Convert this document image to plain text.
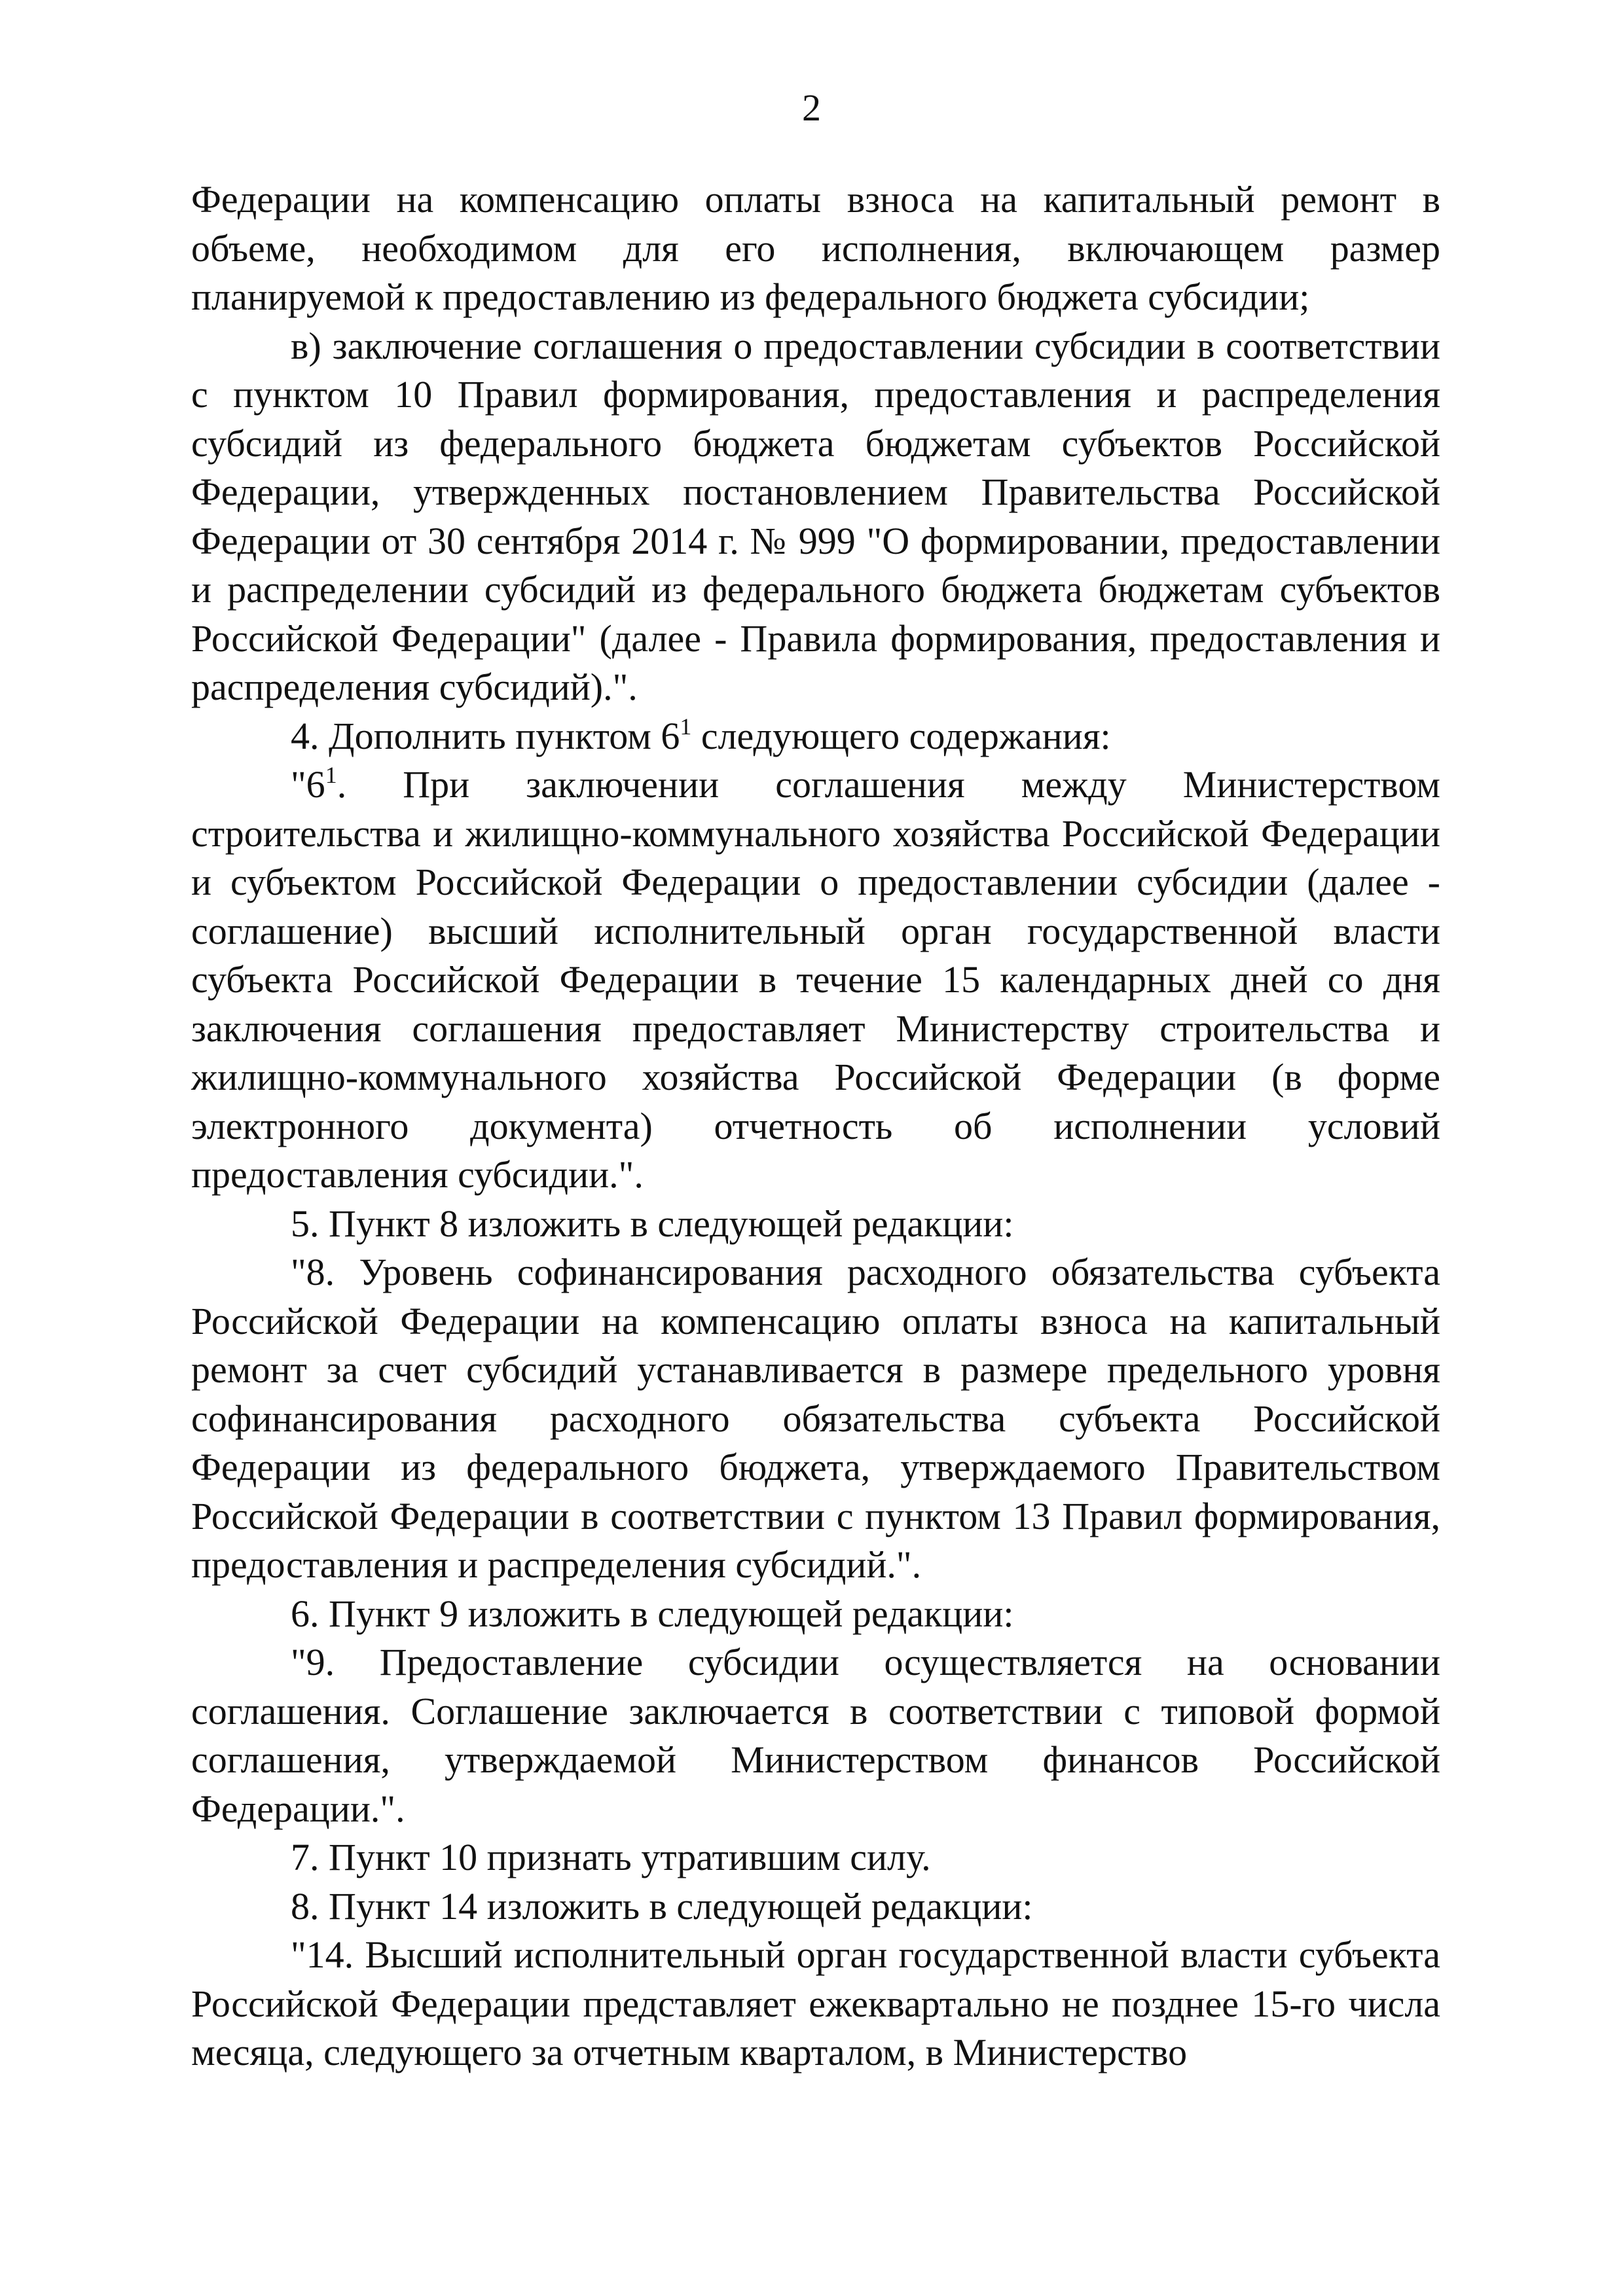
2

Федерации на компенсацию оплаты взноса на капитальный ремонт в объеме, необходимом для его исполнения, включающем размер планируемой к предоставлению из федерального бюджета субсидии;

в) заключение соглашения о предоставлении субсидии в соответствии с пунктом 10 Правил формирования, предоставления и распределения субсидий из федерального бюджета бюджетам субъектов Российской Федерации, утвержденных постановлением Правительства Российской Федерации от 30 сентября 2014 г. № 999 "О формировании, предоставлении и распределении субсидий из федерального бюджета бюджетам субъектов Российской Федерации" (далее - Правила формирования, предоставления и распределения субсидий).".

4. Дополнить пунктом $6^1$ следующего содержания:

"$6^1$. При заключении соглашения между Министерством строительства и жилищно-коммунального хозяйства Российской Федерации и субъектом Российской Федерации о предоставлении субсидии (далее - соглашение) высший исполнительный орган государственной власти субъекта Российской Федерации в течение 15 календарных дней со дня заключения соглашения предоставляет Министерству строительства и жилищно-коммунального хозяйства Российской Федерации (в форме электронного документа) отчетность об исполнении условий предоставления субсидии.".

5. Пункт 8 изложить в следующей редакции:

"8. Уровень софинансирования расходного обязательства субъекта Российской Федерации на компенсацию оплаты взноса на капитальный ремонт за счет субсидий устанавливается в размере предельного уровня софинансирования расходного обязательства субъекта Российской Федерации из федерального бюджета, утверждаемого Правительством Российской Федерации в соответствии с пунктом 13 Правил формирования, предоставления и распределения субсидий.".

6. Пункт 9 изложить в следующей редакции:

"9. Предоставление субсидии осуществляется на основании соглашения. Соглашение заключается в соответствии с типовой формой соглашения, утверждаемой Министерством финансов Российской Федерации.".

7. Пункт 10 признать утратившим силу.

8. Пункт 14 изложить в следующей редакции:

"14. Высший исполнительный орган государственной власти субъекта Российской Федерации представляет ежеквартально не позднее 15-го числа месяца, следующего за отчетным кварталом, в Министерство
